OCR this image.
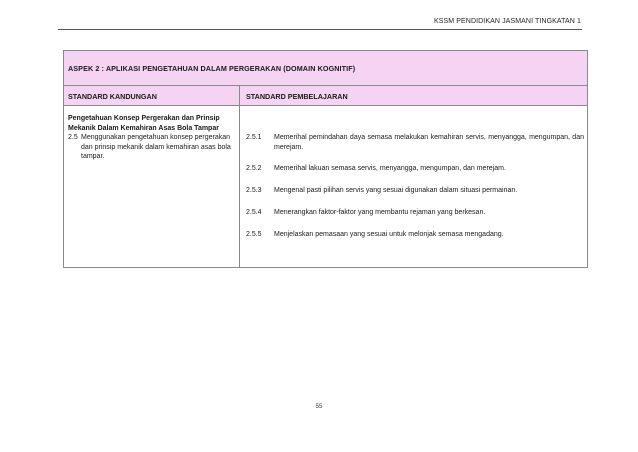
KSSM PENDIDIKAN JASMANI TINGKATAN 1
ASPEK 2 : APLIKASI PENGETAHUAN DALAM PERGERAKAN (DOMAIN KOGNITIF)
STANDARD KANDUNGAN	STANDARD PEMBELAJARAN
Pengetahuan Konsep Pergerakan dan Prinsip Mekanik Dalam Kemahiran Asas Bola Tampar
2.5 Menggunakan pengetahuan konsep pergerakan dan prinsip mekanik dalam kemahiran asas bola tampar.
2.5.1	Memerihal pemindahan daya semasa melakukan kemahiran servis, menyangga, mengumpan, dan merejam.
2.5.2	Memerihal lakuan semasa servis, menyangga, mengumpan, dan merejam.
2.5.3	Mengenal pasti pilihan servis yang sesuai digunakan dalam situasi permainan.
2.5.4	Menerangkan faktor-faktor yang membantu rejaman yang berkesan.
2.5.5	Menjelaskan pemasaan yang sesuai untuk melonjak semasa mengadang.
55
